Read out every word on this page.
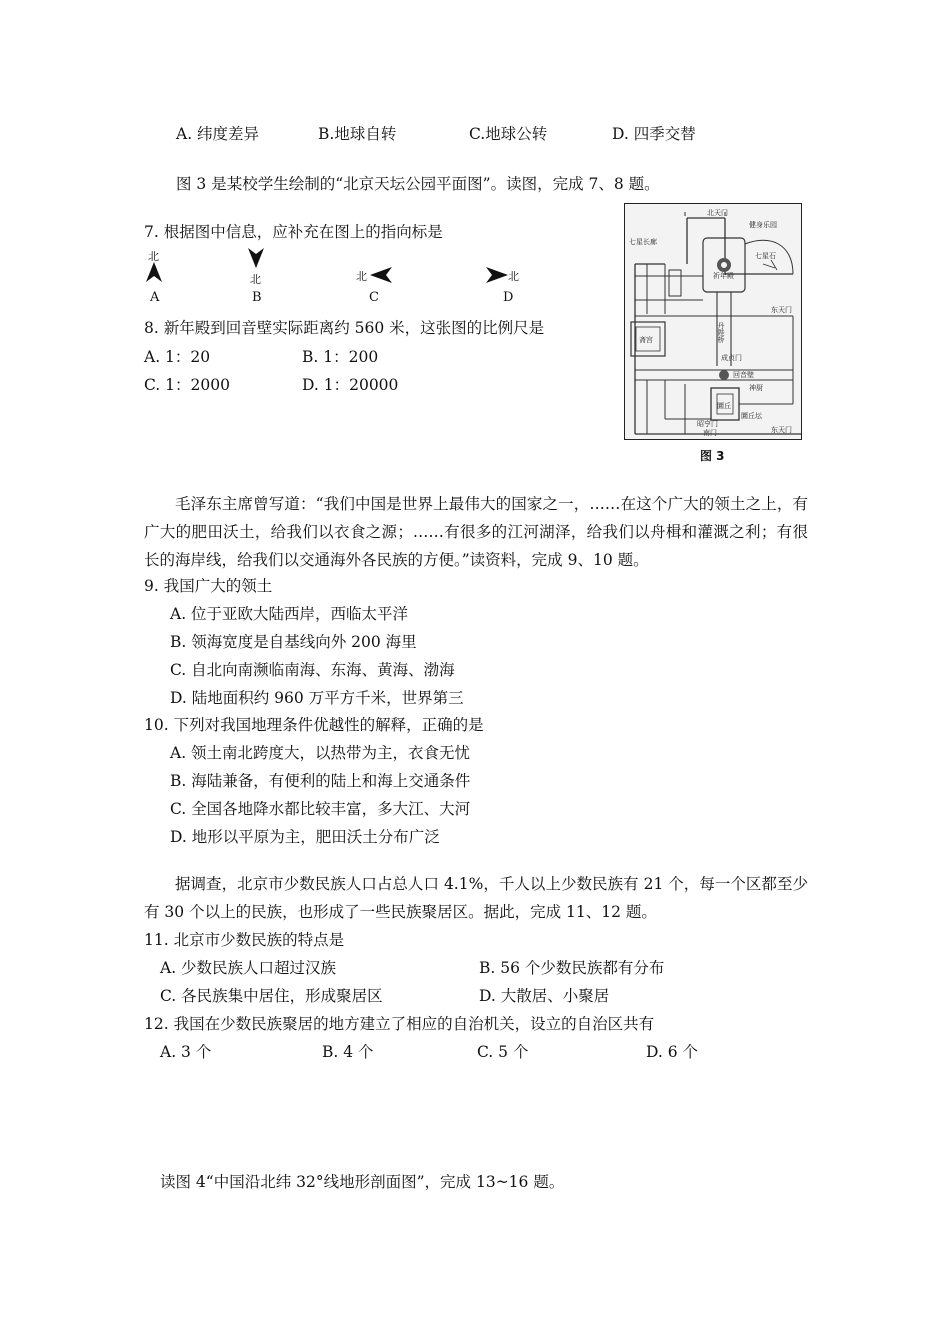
A. 纬度差异	B.地球自转	C.地球公转	D. 四季交替
图 3 是某校学生绘制的“北京天坛公园平面图”。读图，完成 7、8 题。
7. 根据图中信息，应补充在图上的指向标是
北
A
北
B
北
C
北
D
8. 新年殿到回音壁实际距离约 560 米，这张图的比例尺是
A. 1：20	B. 1：200
C. 1：2000	D. 1：20000
北天门
健身乐园
七星长廊
祈年殿
七星石
东天门
丹陛桥
斋宫
成贞门
回音壁
神厨
圜丘
圜丘坛
昭亨门
南门	东天门
图 3
毛泽东主席曾写道：“我们中国是世界上最伟大的国家之一，……在这个广大的领土之上，有广大的肥田沃土，给我们以衣食之源；……有很多的江河湖泽，给我们以舟楫和灌溉之利；有很长的海岸线，给我们以交通海外各民族的方便。”读资料，完成 9、10 题。
9. 我国广大的领土
A. 位于亚欧大陆西岸，西临太平洋
B. 领海宽度是自基线向外 200 海里
C. 自北向南濒临南海、东海、黄海、渤海
D. 陆地面积约 960 万平方千米，世界第三
10. 下列对我国地理条件优越性的解释，正确的是
A. 领土南北跨度大，以热带为主，衣食无忧
B. 海陆兼备，有便利的陆上和海上交通条件
C. 全国各地降水都比较丰富，多大江、大河
D. 地形以平原为主，肥田沃土分布广泛
据调查，北京市少数民族人口占总人口 4.1%，千人以上少数民族有 21 个，每一个区都至少有 30 个以上的民族，也形成了一些民族聚居区。据此，完成 11、12 题。
11. 北京市少数民族的特点是
A. 少数民族人口超过汉族	B. 56 个少数民族都有分布
C. 各民族集中居住，形成聚居区	D. 大散居、小聚居
12. 我国在少数民族聚居的地方建立了相应的自治机关，设立的自治区共有
A. 3 个	B. 4 个	C. 5 个	D. 6 个
读图 4“中国沿北纬 32°线地形剖面图”，完成 13~16 题。
